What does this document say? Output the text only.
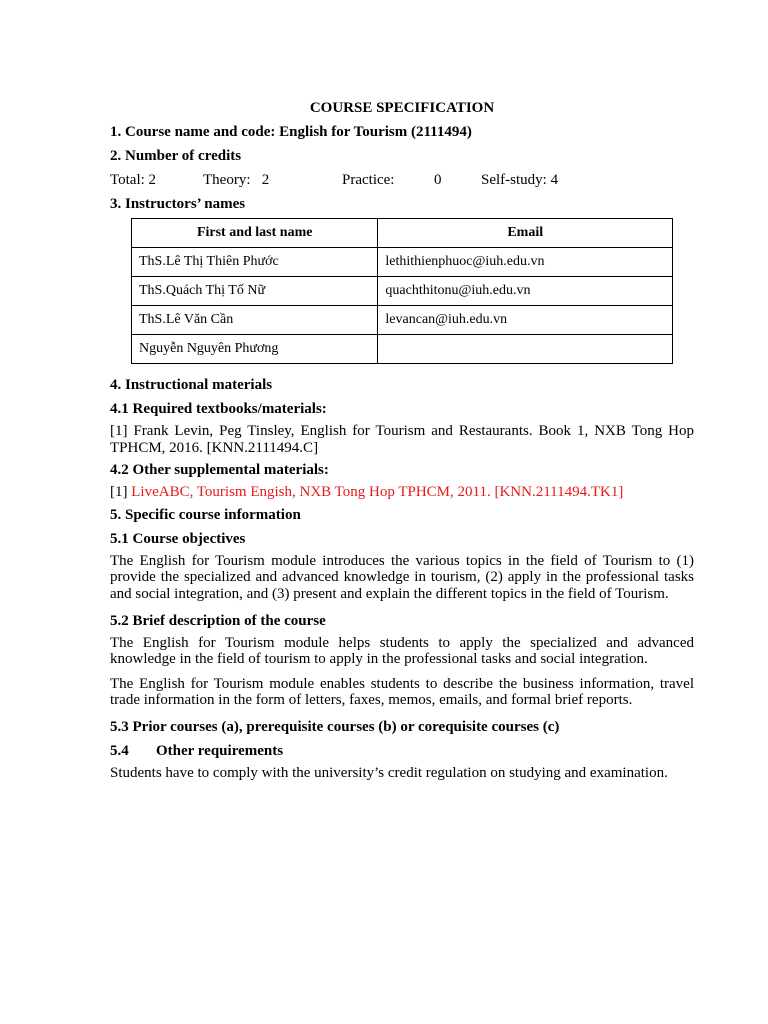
COURSE SPECIFICATION
1. Course name and code: English for Tourism (2111494)
2. Number of credits
Total: 2	Theory:   2	Practice:	0	Self-study: 4
3. Instructors’ names
First and last name	Email
ThS.Lê Thị Thiên Phước	lethithienphuoc@iuh.edu.vn
ThS.Quách Thị Tố Nữ	quachthitonu@iuh.edu.vn
ThS.Lê Văn Cần	levancan@iuh.edu.vn
Nguyễn Nguyên Phương	
4. Instructional materials
4.1 Required textbooks/materials:
[1] Frank Levin, Peg Tinsley, English for Tourism and Restaurants. Book 1, NXB Tong Hop TPHCM, 2016. [KNN.2111494.C]
4.2 Other supplemental materials:
[1] LiveABC, Tourism Engish, NXB Tong Hop TPHCM, 2011. [KNN.2111494.TK1]
5. Specific course information
5.1 Course objectives
The English for Tourism module introduces the various topics in the field of Tourism to (1) provide the specialized and advanced knowledge in tourism, (2) apply in the professional tasks and social integration, and (3) present and explain the different topics in the field of Tourism.
5.2 Brief description of the course
The English for Tourism module helps students to apply the specialized and advanced knowledge in the field of tourism to apply in the professional tasks and social integration.
The English for Tourism module enables students to describe the business information, travel trade information in the form of letters, faxes, memos, emails, and formal brief reports.
5.3 Prior courses (a), prerequisite courses (b) or corequisite courses (c)
5.4 Other requirements
Students have to comply with the university’s credit regulation on studying and examination.
